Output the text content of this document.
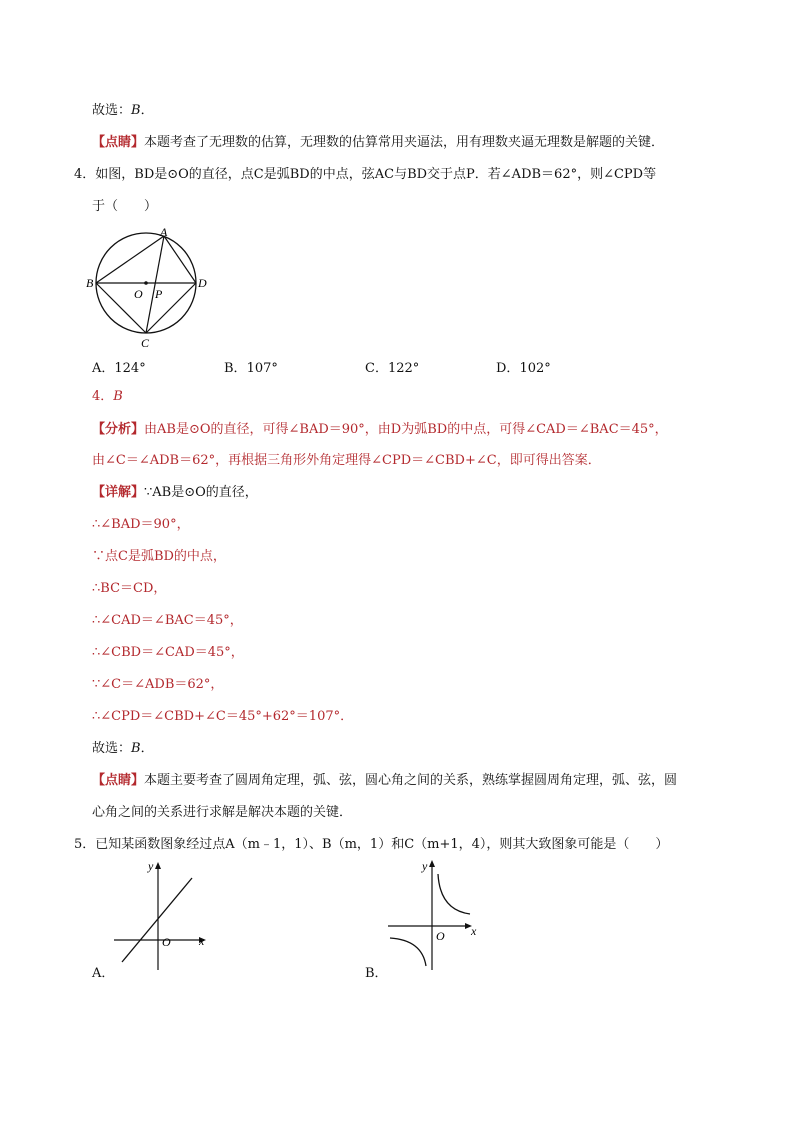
故选：B．
【点睛】本题考查了无理数的估算，无理数的估算常用夹逼法，用有理数夹逼无理数是解题的关键．
4．如图，BD是⊙O的直径，点C是弧BD的中点，弦AC与BD交于点P．若∠ADB＝62°，则∠CPD等
于（　　）
A
B
C
D
O P
A．124°	B．107°	C．122°	D．102°
4．B
【分析】由AB是⊙O的直径，可得∠BAD＝90°，由D为弧BD的中点，可得∠CAD＝∠BAC＝45°，
由∠C＝∠ADB＝62°，再根据三角形外角定理得∠CPD＝∠CBD+∠C，即可得出答案．
【详解】∵AB是⊙O的直径，
∴∠BAD＝90°，
∵点C是弧BD的中点，
∴BC＝CD，
∴∠CAD＝∠BAC＝45°，
∴∠CBD＝∠CAD＝45°，
∵∠C＝∠ADB＝62°，
∴∠CPD＝∠CBD+∠C＝45°+62°＝107°．
故选：B．
【点睛】本题主要考查了圆周角定理，弧、弦，圆心角之间的关系，熟练掌握圆周角定理，弧、弦，圆
心角之间的关系进行求解是解决本题的关键．
5．已知某函数图象经过点A（m﹣1，1）、B（m，1）和C（m+1，4），则其大致图象可能是（　　）
y
x
O
A．
y
x
O
B．
